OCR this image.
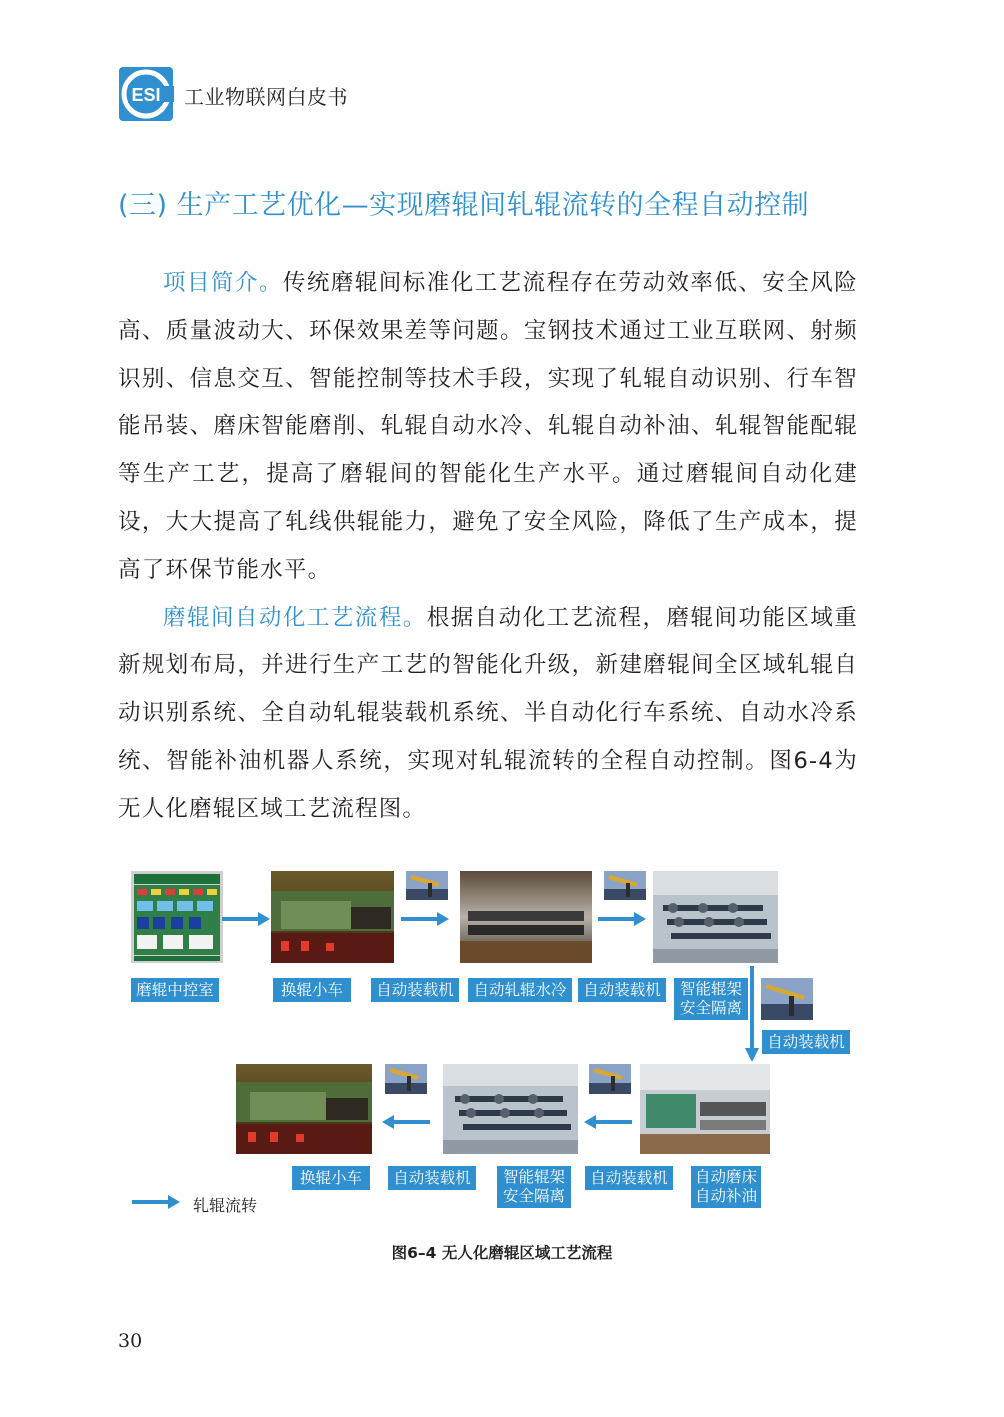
ESI 工业物联网白皮书
(三) 生产工艺优化—实现磨辊间轧辊流转的全程自动控制

项目简介。传统磨辊间标准化工艺流程存在劳动效率低、安全风险高、质量波动大、环保效果差等问题。宝钢技术通过工业互联网、射频识别、信息交互、智能控制等技术手段，实现了轧辊自动识别、行车智能吊装、磨床智能磨削、轧辊自动水冷、轧辊自动补油、轧辊智能配辊等生产工艺，提高了磨辊间的智能化生产水平。通过磨辊间自动化建设，大大提高了轧线供辊能力，避免了安全风险，降低了生产成本，提高了环保节能水平。

磨辊间自动化工艺流程。根据自动化工艺流程，磨辊间功能区域重新规划布局，并进行生产工艺的智能化升级，新建磨辊间全区域轧辊自动识别系统、全自动轧辊装载机系统、半自动化行车系统、自动水冷系统、智能补油机器人系统，实现对轧辊流转的全程自动控制。图6-4为无人化磨辊区域工艺流程图。

磨辊中控室	换辊小车	自动装载机	自动轧辊水冷	自动装载机	智能辊架
安全隔离
自动装载机
换辊小车	自动装载机	智能辊架
安全隔离
自动装载机	自动磨床
自动补油
轧辊流转
图6–4 无人化磨辊区域工艺流程
30
